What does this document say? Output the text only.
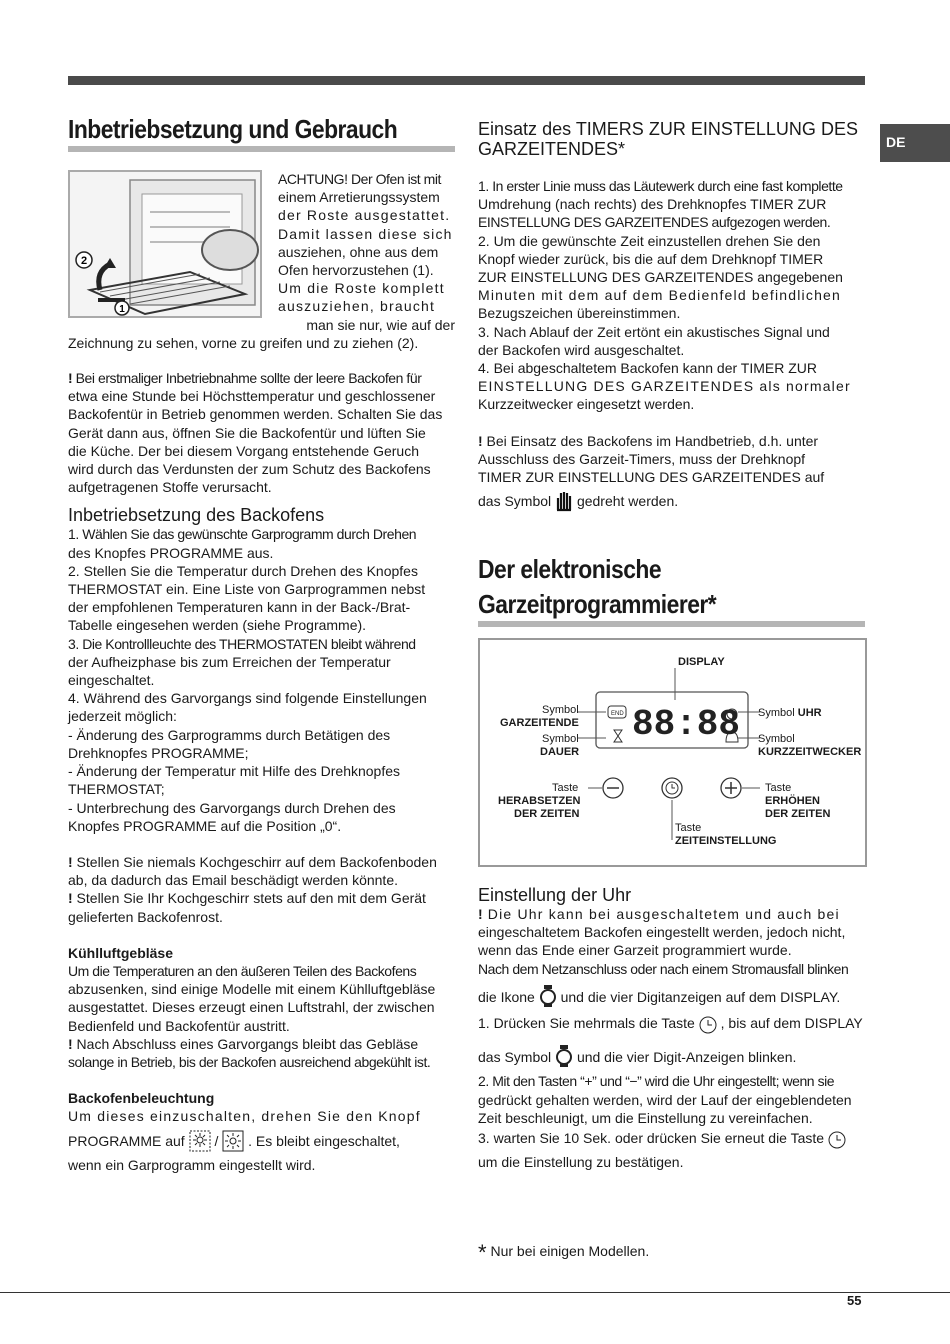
DE
Inbetriebsetzung und Gebrauch
2
1

ACHTUNG! Der Ofen ist mit

einem Arretierungssystem

der Roste ausgestattet.

Damit lassen diese sich

ausziehen, ohne aus dem

Ofen hervorzustehen (1).

Um die Roste komplett

auszuziehen, braucht

man sie nur, wie auf der

Zeichnung zu sehen, vorne zu greifen und zu ziehen (2).

! Bei erstmaliger Inbetriebnahme sollte der leere Backofen für

etwa eine Stunde bei Höchsttemperatur und geschlossener

Backofentür in Betrieb genommen werden. Schalten Sie das

Gerät dann aus, öffnen Sie die Backofentür und lüften Sie

die Küche. Der bei diesem Vorgang entstehende Geruch

wird durch das Verdunsten der zum Schutz des Backofens

aufgetragenen Stoffe verursacht.

Inbetriebsetzung des Backofens

1. Wählen Sie das gewünschte Garprogramm durch Drehen

des Knopfes PROGRAMME aus.

2. Stellen Sie die Temperatur durch Drehen des Knopfes

THERMOSTAT ein. Eine Liste von Garprogrammen nebst

der empfohlenen Temperaturen kann in der Back-/Brat-

Tabelle eingesehen werden (siehe Programme).

3. Die Kontrollleuchte des THERMOSTATEN bleibt während

der Aufheizphase bis zum Erreichen der Temperatur

eingeschaltet.

4. Während des Garvorgangs sind folgende Einstellungen

jederzeit möglich:

- Änderung des Garprogramms durch Betätigen des

Drehknopfes PROGRAMME;

- Änderung der Temperatur mit Hilfe des Drehknopfes

THERMOSTAT;

- Unterbrechung des Garvorgangs durch Drehen des

Knopfes PROGRAMME auf die Position „0“.

! Stellen Sie niemals Kochgeschirr auf dem Backofenboden

ab, da dadurch das Email beschädigt werden könnte.

! Stellen Sie Ihr Kochgeschirr stets auf den mit dem Gerät

gelieferten Backofenrost.

Kühlluftgebläse

Um die Temperaturen an den äußeren Teilen des Backofens

abzusenken, sind einige Modelle mit einem Kühlluftgebläse

ausgestattet. Dieses erzeugt einen Luftstrahl, der zwischen

Bedienfeld und Backofentür austritt.

! Nach Abschluss eines Garvorgangs bleibt das Gebläse

solange in Betrieb, bis der Backofen ausreichend abgekühlt ist.

Backofenbeleuchtung

Um dieses einzuschalten, drehen Sie den Knopf

PROGRAMME auf / . Es bleibt eingeschaltet,

wenn ein Garprogramm eingestellt wird.

Einsatz des TIMERS ZUR EINSTELLUNG DES GARZEITENDES*

1. In erster Linie muss das Läutewerk durch eine fast komplette

Umdrehung (nach rechts) des Drehknopfes TIMER ZUR

EINSTELLUNG DES GARZEITENDES aufgezogen werden.

2. Um die gewünschte Zeit einzustellen drehen Sie den

Knopf wieder zurück, bis die auf dem Drehknopf TIMER

ZUR EINSTELLUNG DES GARZEITENDES angegebenen

Minuten mit dem auf dem Bedienfeld befindlichen

Bezugszeichen übereinstimmen.

3. Nach Ablauf der Zeit ertönt ein akustisches Signal und

der Backofen wird ausgeschaltet.

4. Bei abgeschaltetem Backofen kann der TIMER ZUR

EINSTELLUNG DES GARZEITENDES als normaler

Kurzzeitwecker eingesetzt werden.

! Bei Einsatz des Backofens im Handbetrieb, d.h. unter

Ausschluss des Garzeit-Timers, muss der Drehknopf

TIMER ZUR EINSTELLUNG DES GARZEITENDES auf

das Symbol gedreht werden.

Der elektronische
Garzeitprogrammierer*
88:88
END
DISPLAY
Symbol
GARZEITENDE
Symbol
DAUER
Symbol UHR
Symbol
KURZZEITWECKER
Taste
HERABSETZEN
DER ZEITEN
Taste
ERHÖHEN
DER ZEITEN
Taste
ZEITEINSTELLUNG
Einstellung der Uhr

! Die Uhr kann bei ausgeschaltetem und auch bei

eingeschaltetem Backofen eingestellt werden, jedoch nicht,

wenn das Ende einer Garzeit programmiert wurde.

Nach dem Netzanschluss oder nach einem Stromausfall blinken

die Ikone und die vier Digitanzeigen auf dem DISPLAY.

1. Drücken Sie mehrmals die Taste , bis auf dem DISPLAY

das Symbol und die vier Digit-Anzeigen blinken.

2. Mit den Tasten “+” und “−” wird die Uhr eingestellt; wenn sie

gedrückt gehalten werden, wird der Lauf der eingeblendeten

Zeit beschleunigt, um die Einstellung zu vereinfachen.

3. warten Sie 10 Sek. oder drücken Sie erneut die Taste

um die Einstellung zu bestätigen.

* Nur bei einigen Modellen.
55
